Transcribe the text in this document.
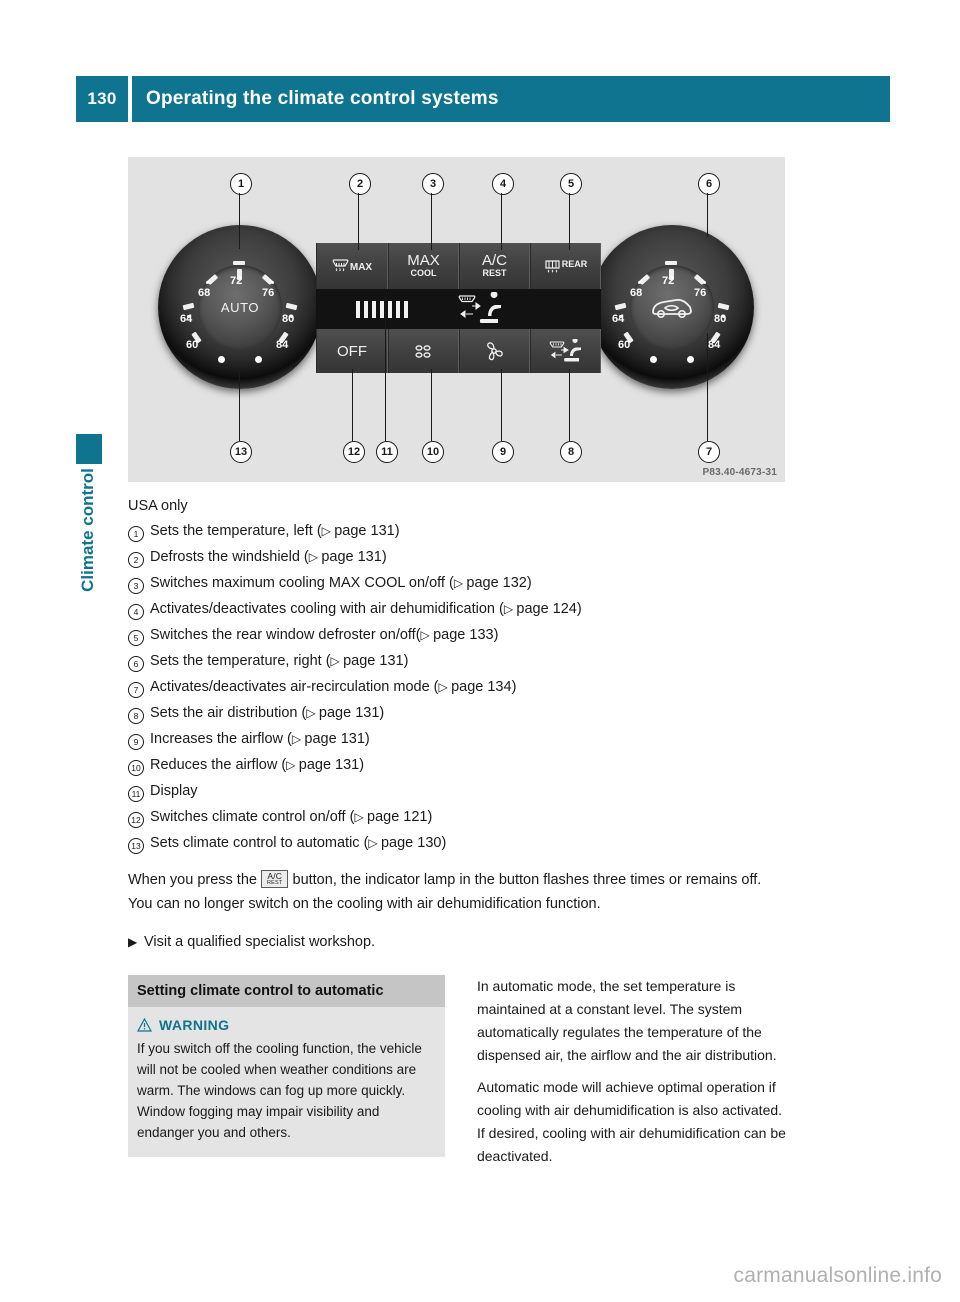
130	Operating the climate control systems
Climate control
AUTO
72
68	76
64	80
60	84
72
68	76
64	80
60	84
MAX MAX
COOL
A/C
REST
REAR
OFF
1	2	3	4	5	6
7
8
9
10
11
12
13
P83.40-4673-31
USA only
1 Sets the temperature, left (▷ page 131)
2 Defrosts the windshield (▷ page 131)
3 Switches maximum cooling MAX COOL on/off (▷ page 132)
4 Activates/deactivates cooling with air dehumidification (▷ page 124)
5 Switches the rear window defroster on/off(▷ page 133)
6 Sets the temperature, right (▷ page 131)
7 Activates/deactivates air-recirculation mode (▷ page 134)
8 Sets the air distribution (▷ page 131)
9 Increases the airflow (▷ page 131)
10 Reduces the airflow (▷ page 131)
11 Display
12 Switches climate control on/off (▷ page 121)
13 Sets climate control to automatic (▷ page 130)
When you press the A/C
REST button, the indicator lamp in the button flashes three times or remains off. You can no longer switch on the cooling with air dehumidification function.
▶ Visit a qualified specialist workshop.
Setting climate control to automatic
WARNING
If you switch off the cooling function, the vehicle will not be cooled when weather conditions are warm. The windows can fog up more quickly. Window fogging may impair visibility and endanger you and others.

In automatic mode, the set temperature is maintained at a constant level. The system automatically regulates the temperature of the dispensed air, the airflow and the air distribution.

Automatic mode will achieve optimal operation if cooling with air dehumidification is also activated. If desired, cooling with air dehumidification can be deactivated.

carmanualsonline.info
